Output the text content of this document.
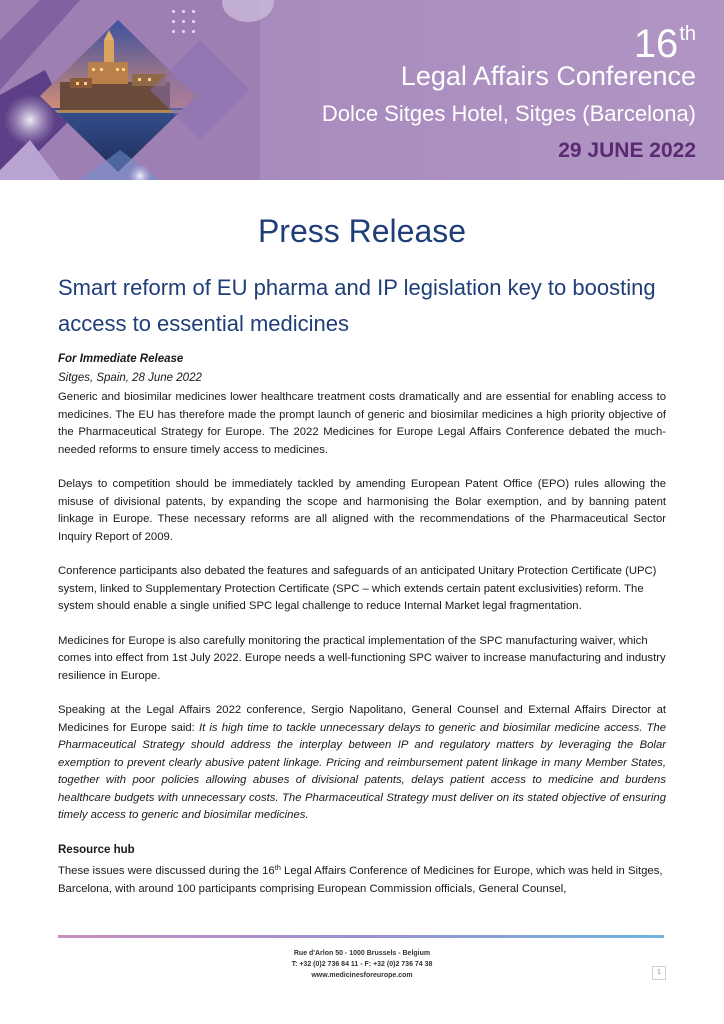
16th
Legal Affairs Conference
Dolce Sitges Hotel, Sitges (Barcelona)
29 JUNE 2022
Press Release
Smart reform of EU pharma and IP legislation key to boosting access to essential medicines
For Immediate Release
Sitges, Spain, 28 June 2022

Generic and biosimilar medicines lower healthcare treatment costs dramatically and are essential for enabling access to medicines. The EU has therefore made the prompt launch of generic and biosimilar medicines a high priority objective of the Pharmaceutical Strategy for Europe. The 2022 Medicines for Europe Legal Affairs Conference debated the much-needed reforms to ensure timely access to medicines.

Delays to competition should be immediately tackled by amending European Patent Office (EPO) rules allowing the misuse of divisional patents, by expanding the scope and harmonising the Bolar exemption, and by banning patent linkage in Europe. These necessary reforms are all aligned with the recommendations of the Pharmaceutical Sector Inquiry Report of 2009.

Conference participants also debated the features and safeguards of an anticipated Unitary Protection Certificate (UPC) system, linked to Supplementary Protection Certificate (SPC – which extends certain patent exclusivities) reform. The system should enable a single unified SPC legal challenge to reduce Internal Market legal fragmentation.

Medicines for Europe is also carefully monitoring the practical implementation of the SPC manufacturing waiver, which comes into effect from 1st July 2022. Europe needs a well-functioning SPC waiver to increase manufacturing and industry resilience in Europe.

Speaking at the Legal Affairs 2022 conference, Sergio Napolitano, General Counsel and External Affairs Director at Medicines for Europe said: It is high time to tackle unnecessary delays to generic and biosimilar medicine access. The Pharmaceutical Strategy should address the interplay between IP and regulatory matters by leveraging the Bolar exemption to prevent clearly abusive patent linkage. Pricing and reimbursement patent linkage in many Member States, together with poor policies allowing abuses of divisional patents, delays patient access to medicine and burdens healthcare budgets with unnecessary costs. The Pharmaceutical Strategy must deliver on its stated objective of ensuring timely access to generic and biosimilar medicines.

Resource hub

These issues were discussed during the 16th Legal Affairs Conference of Medicines for Europe, which was held in Sitges, Barcelona, with around 100 participants comprising European Commission officials, General Counsel,

Rue d'Arlon 50 - 1000 Brussels - Belgium
T: +32 (0)2 736 84 11 - F: +32 (0)2 736 74 38
www.medicinesforeurope.com	1
